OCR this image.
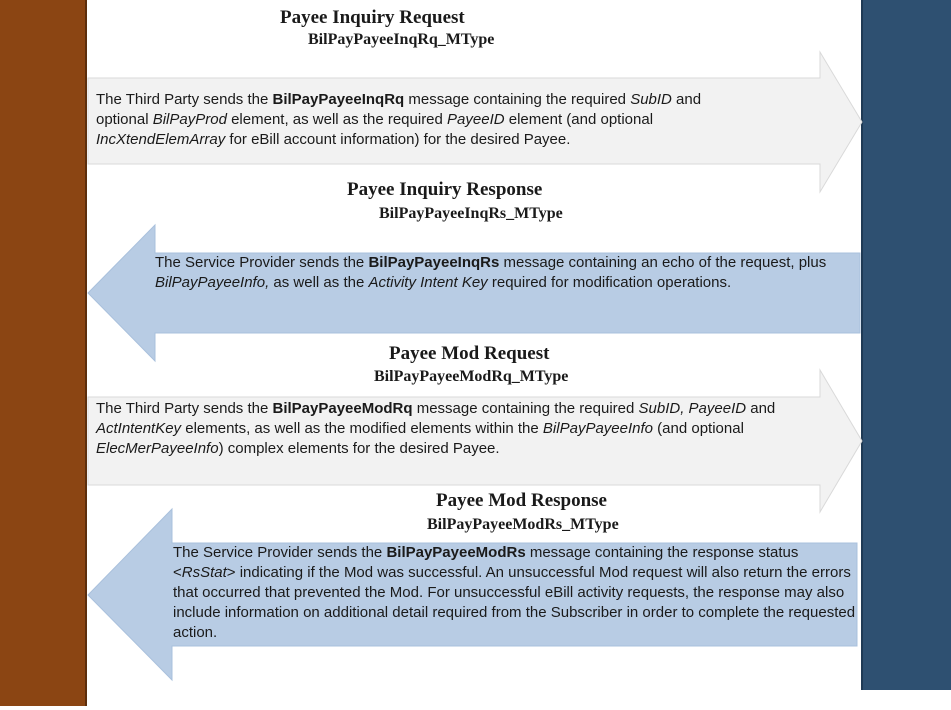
Payee Inquiry Request
BilPayPayeeInqRq_MType
The Third Party sends the BilPayPayeeInqRq message containing the required SubID and optional BilPayProd element, as well as the required PayeeID element (and optional IncXtendElemArray for eBill account information) for the desired Payee.
Payee Inquiry Response
BilPayPayeeInqRs_MType
The Service Provider sends the BilPayPayeeInqRs message containing an echo of the request, plus BilPayPayeeInfo, as well as the Activity Intent Key required for modification operations.
Payee Mod Request
BilPayPayeeModRq_MType
The Third Party sends the BilPayPayeeModRq message containing the required SubID, PayeeID and ActIntentKey elements, as well as the modified elements within the BilPayPayeeInfo (and optional ElecMerPayeeInfo) complex elements for the desired Payee.
Payee Mod Response
BilPayPayeeModRs_MType
The Service Provider sends the BilPayPayeeModRs message containing the response status <RsStat> indicating if the Mod was successful. An unsuccessful Mod request will also return the errors that occurred that prevented the Mod. For unsuccessful eBill activity requests, the response may also include information on additional detail required from the Subscriber in order to complete the requested action.
